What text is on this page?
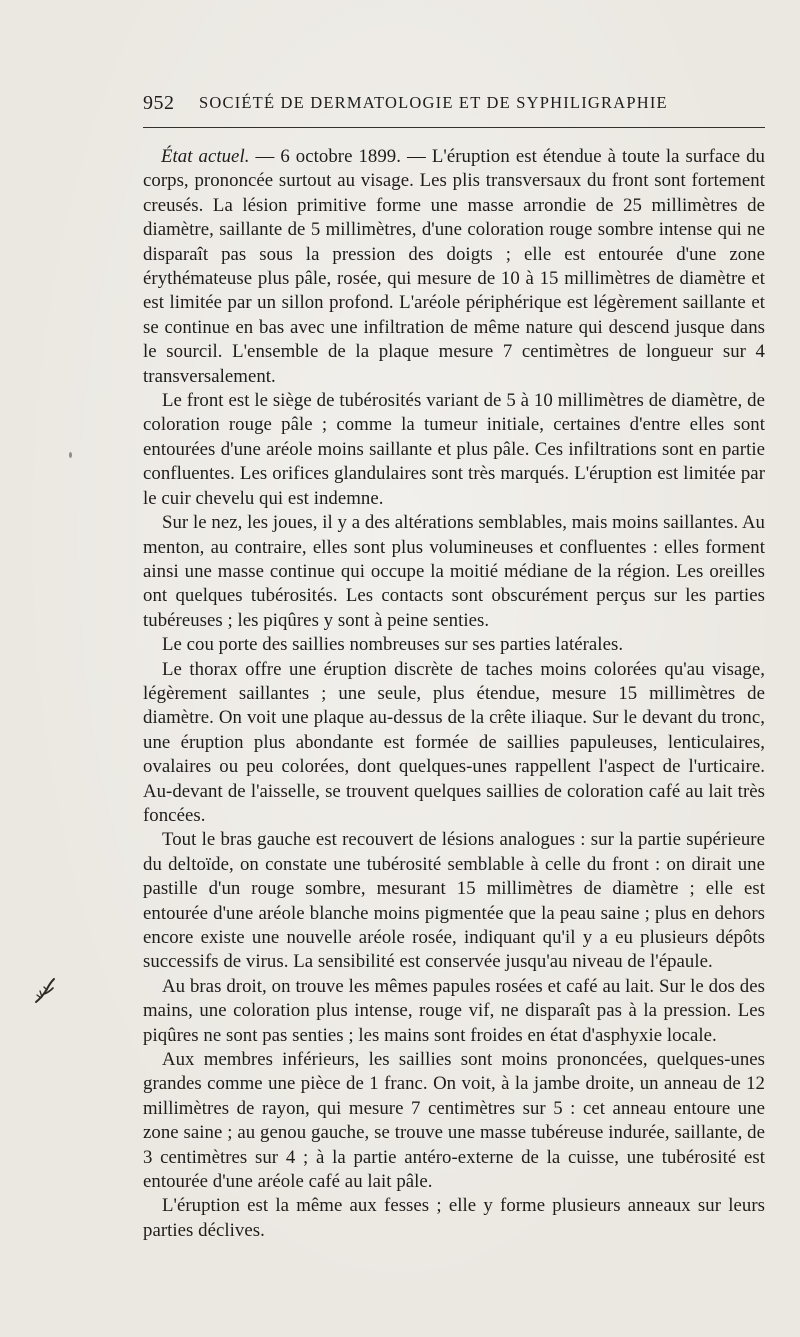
952	SOCIÉTÉ DE DERMATOLOGIE ET DE SYPHILIGRAPHIE

État actuel. — 6 octobre 1899. — L'éruption est étendue à toute la surface du corps, prononcée surtout au visage. Les plis transversaux du front sont fortement creusés. La lésion primitive forme une masse arrondie de 25 millimètres de diamètre, saillante de 5 millimètres, d'une coloration rouge sombre intense qui ne disparaît pas sous la pression des doigts ; elle est entourée d'une zone érythémateuse plus pâle, rosée, qui mesure de 10 à 15 millimètres de diamètre et est limitée par un sillon profond. L'aréole périphérique est légèrement saillante et se continue en bas avec une infiltration de même nature qui descend jusque dans le sourcil. L'ensemble de la plaque mesure 7 centimètres de longueur sur 4 transversalement.

Le front est le siège de tubérosités variant de 5 à 10 millimètres de diamètre, de coloration rouge pâle ; comme la tumeur initiale, certaines d'entre elles sont entourées d'une aréole moins saillante et plus pâle. Ces infiltrations sont en partie confluentes. Les orifices glandulaires sont très marqués. L'éruption est limitée par le cuir chevelu qui est indemne.

Sur le nez, les joues, il y a des altérations semblables, mais moins saillantes. Au menton, au contraire, elles sont plus volumineuses et confluentes : elles forment ainsi une masse continue qui occupe la moitié médiane de la région. Les oreilles ont quelques tubérosités. Les contacts sont obscurément perçus sur les parties tubéreuses ; les piqûres y sont à peine senties.

Le cou porte des saillies nombreuses sur ses parties latérales.

Le thorax offre une éruption discrète de taches moins colorées qu'au visage, légèrement saillantes ; une seule, plus étendue, mesure 15 millimètres de diamètre. On voit une plaque au-dessus de la crête iliaque. Sur le devant du tronc, une éruption plus abondante est formée de saillies papuleuses, lenticulaires, ovalaires ou peu colorées, dont quelques-unes rappellent l'aspect de l'urticaire. Au-devant de l'aisselle, se trouvent quelques saillies de coloration café au lait très foncées.

Tout le bras gauche est recouvert de lésions analogues : sur la partie supérieure du deltoïde, on constate une tubérosité semblable à celle du front : on dirait une pastille d'un rouge sombre, mesurant 15 millimètres de diamètre ; elle est entourée d'une aréole blanche moins pigmentée que la peau saine ; plus en dehors encore existe une nouvelle aréole rosée, indiquant qu'il y a eu plusieurs dépôts successifs de virus. La sensibilité est conservée jusqu'au niveau de l'épaule.

Au bras droit, on trouve les mêmes papules rosées et café au lait. Sur le dos des mains, une coloration plus intense, rouge vif, ne disparaît pas à la pression. Les piqûres ne sont pas senties ; les mains sont froides en état d'asphyxie locale.

Aux membres inférieurs, les saillies sont moins prononcées, quelques-unes grandes comme une pièce de 1 franc. On voit, à la jambe droite, un anneau de 12 millimètres de rayon, qui mesure 7 centimètres sur 5 : cet anneau entoure une zone saine ; au genou gauche, se trouve une masse tubéreuse indurée, saillante, de 3 centimètres sur 4 ; à la partie antéro-externe de la cuisse, une tubérosité est entourée d'une aréole café au lait pâle.

L'éruption est la même aux fesses ; elle y forme plusieurs anneaux sur leurs parties déclives.
